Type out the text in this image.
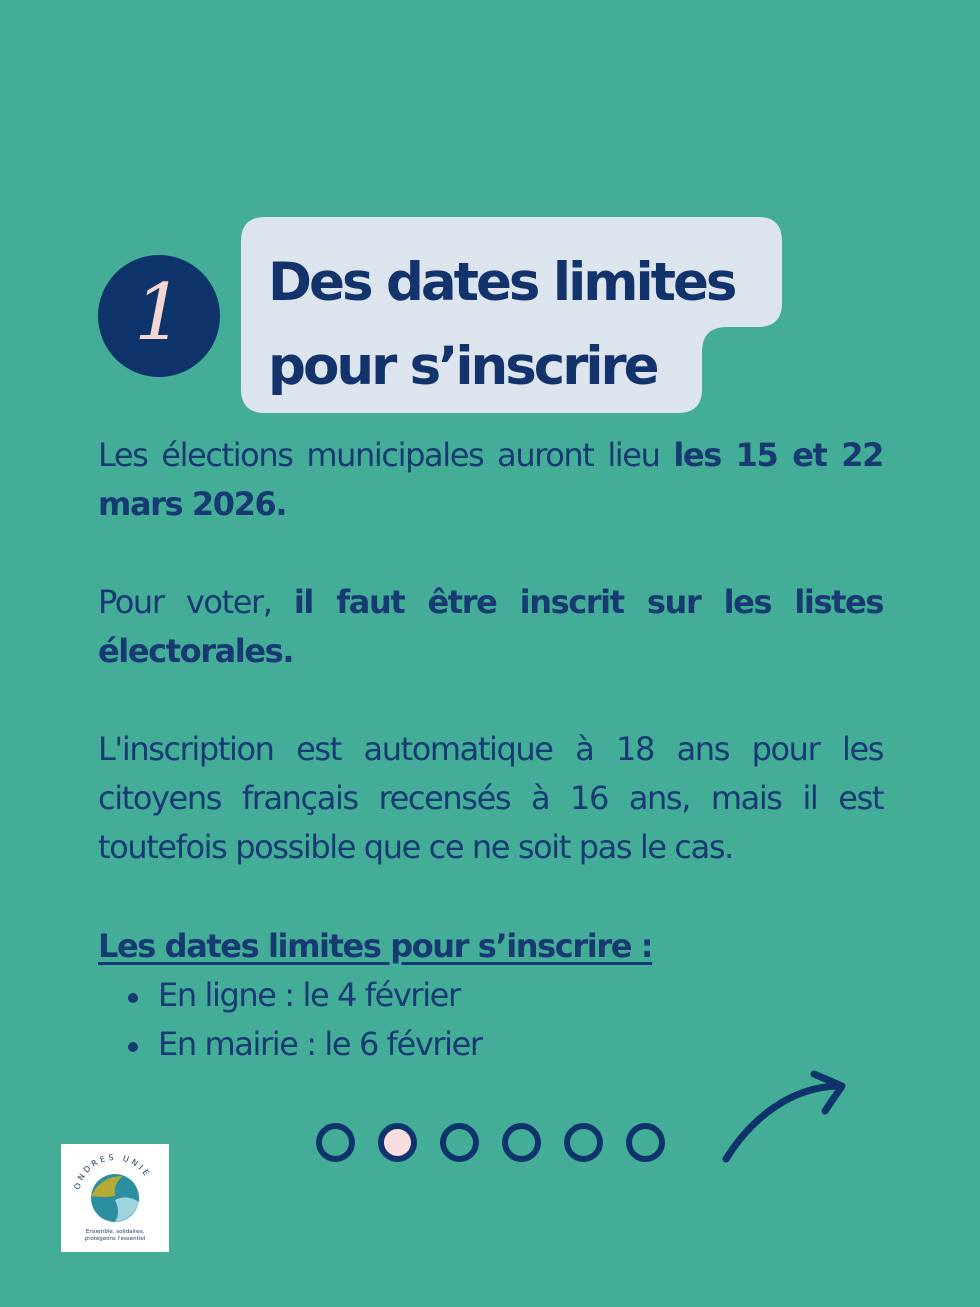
1 Des dates limites
pour s’inscrire

Les élections municipales auront lieu les 15 et 22 mars 2026.

Pour voter, il faut être inscrit sur les listes électorales.

L'inscription est automatique à 18 ans pour les citoyens français recensés à 16 ans, mais il est toutefois possible que ce ne soit pas le cas.

Les dates limites pour s’inscrire :
En ligne : le 4 février
En mairie : le 6 février
ONDRES UNIE
Ensemble, solidaires,
protégeons l'essentiel
